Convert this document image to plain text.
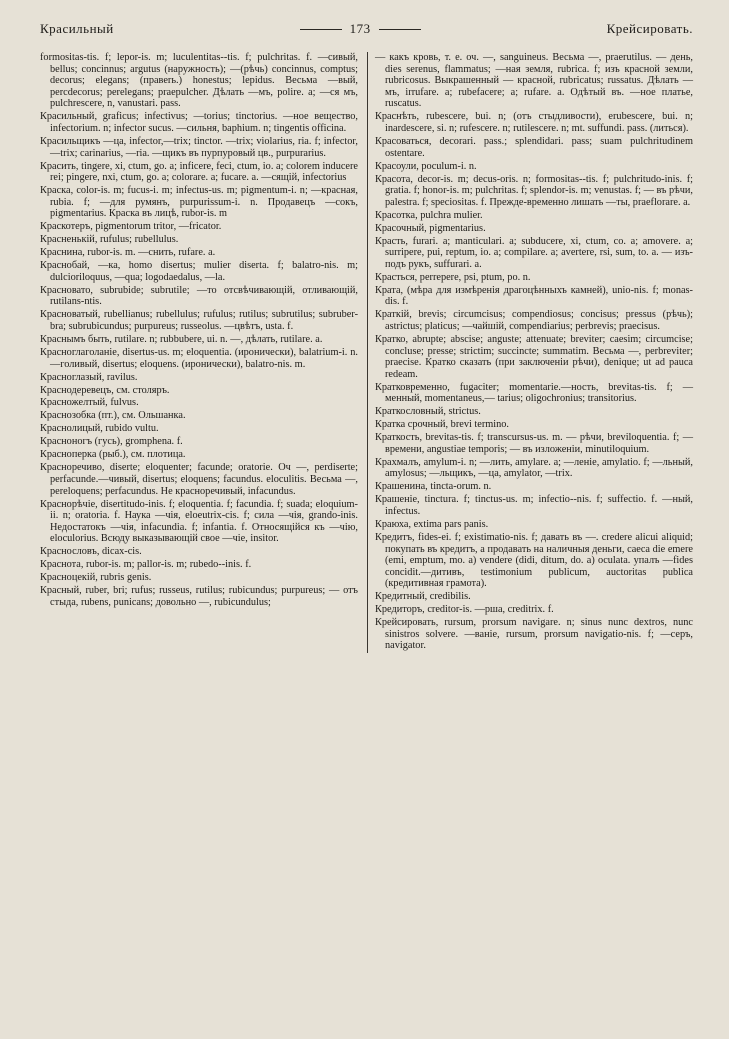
Красильный	173	Крейсировать.

formositas-tis. f; lepor-is. m; luculentitas--tis. f; pulchritas. f. —сивый, bellus; concinnus; argutus (наружность); —(рѣчь) concinnus, comptus; decorus; elegans; (правеrь.) honestus; lepidus. Весьма —вый, percdecorus; perelegans; praepulcher. Дѣлать —мъ, polire. a; —ся мъ, pulchrescere, n, vanustari. pass.

Красильный, graficus; infectivus; —torius; tinctorius. —ное вещество, infectorium. n; infector sucus. —сильня, baphium. n; tingentis officina.

Красильщикъ —ца, infector,—trix; tinctor. —trix; violarius, ria. f; infector, —trix; carinarius, —ria. —щикъ въ пурпуровый цв., purpurarius.

Красить, tingere, xi, ctum, go. a; inficere, feci, ctum, io. a; colorem inducere rei; pingere, nxi, ctum, go. a; colorare. a; fucare. a. —сящій, infectorius

Краска, color-is. m; fucus-i. m; infectus-us. m; pigmentum-i. n; —красная, rubia. f; —для румянъ, purpurissum-i. n. Продавецъ —сокъ, pigmentarius. Краска въ лицѣ, rubor-is. m

Краскотеръ, pigmentorum tritor, —fricator.

Красненькій, rufulus; rubellulus.

Краснина, rubor-is. m. —снить, rufare. a.

Краснобай, —ка, homo disertus; mulier diserta. f; balatro-nis. m; dulcioriloquus, —qua; logodaedalus, —la.

Красновато, subrubide; subrutile; —то отсвѣчивающій, отливающій, rutilans-ntis.

Красноватый, rubellianus; rubellulus; rufulus; rutilus; subrutilus; subruber-bra; subrubicundus; purpureus; russeolus. —цвѣтъ, usta. f.

Краснымъ быть, rutilare. n; rubbubere, ui. n. —, дѣлать, rutilare. a.

Красноглаголаніе, disertus-us. m; eloquentia. (иронически), balatrium-i. n. —голивый, disertus; eloquens. (иронически), balatro-nis. m.

Красноглазый, ravilus.

Краснодеревецъ, см. столяръ.

Красножелтый, fulvus.

Краснозобка (пт.), см. Ольшанка.

Краснолицый, rubido vultu.

Красноногъ (гусь), gromphena. f.

Красноперка (рыб.), см. плотица.

Красноречиво, diserte; eloquenter; facunde; oratorie. Оч —, perdiserte; perfacunde.—чивый, disertus; eloquens; facundus. eloculitis. Весьма —, pereloquens; perfacundus. Не красноречивый, infacundus.

Краснорѣчіе, disertitudo-inis. f; eloquentia. f; facundia. f; suada; eloquium-ii. n; oratoria. f. Наука —чія, eloeutrix-cis. f; сила —чія, grando-inis. Недостатокъ —чія, infacundia. f; infantia. f. Относящійся къ —чію, eloculorius. Всюду выказывающій свое —чіе, insitor.

Краснословъ, dicax-cis.

Краснота, rubor-is. m; pallor-is. m; rubedo--inis. f.

Красноцекій, rubris genis.

Красный, ruber, bri; rufus; russeus, rutilus; rubicundus; purpureus; — отъ стыда, rubens, punicans; довольно —, rubicundulus;

— какъ кровь, т. е. оч. —, sanguineus. Весьма —, praerutilus. — день, dies serenus, flammatus; —ная земля, rubrica. f; изъ красной земли, rubricosus. Выкрашенный — красной, rubricatus; russatus. Дѣлать —мъ, irrufare. a; rubefacere; a; rufare. a. Одѣтый въ. —ное платье, ruscatus.

Краснѣть, rubescere, bui. n; (отъ стыдливости), erubescere, bui. n; inardescere, si. n; rufescere. n; rutilescere. n; mt. suffundi. pass. (литься).

Красоваться, decorari. pass.; splendidari. pass; suam pulchritudinem ostentare.

Красоули, poculum-i. n.

Красота, decor-is. m; decus-oris. n; formositas--tis. f; pulchritudo-inis. f; gratia. f; honor-is. m; pulchritas. f; splendor-is. m; venustas. f; — въ рѣчи, palestra. f; speciositas. f. Прежде-временно лишать —ты, praeflorare. a.

Красотка, pulchra mulier.

Красочный, pigmentarius.

Красть, furari. a; manticulari. a; subducere, xi, ctum, co. a; amovere. a; surripere, pui, reptum, io. a; compilare. a; avertere, rsi, sum, to. a. — изъ-подъ рукъ, suffurari. a.

Красться, perrepere, psi, ptum, po. n.

Крата, (мѣра для измѣренія драгоцѣнныхъ камней), unio-nis. f; monas-dis. f.

Краткій, brevis; circumcisus; compendiosus; concisus; pressus (рѣчь); astrictus; platicus; —чайшій, compendiarius; perbrevis; praecisus.

Кратко, abrupte; abscise; anguste; attenuate; breviter; caesim; circumcise; concluse; presse; strictim; succincte; summatim. Весьма —, perbreviter; praecise. Кратко сказать (при заключеніи рѣчи), denique; ut ad pauca redeam.

Кратковременно, fugaciter; momentarie.—ность, brevitas-tis. f; —менный, momentaneus,— tarius; oligochronius; transitorius.

Краткословный, strictus.

Кратка срочный, brevi termino.

Краткость, brevitas-tis. f; transcursus-us. m. — рѣчи, breviloquentia. f; — времени, angustiae temporis; — въ изложеніи, minutiloquium.

Крахмалъ, amylum-i. n; —лить, amylare. a; —леніе, amylatio. f; —льный, amylosus; —льщикъ, —ца, amylator, —trix.

Крашенина, tincta-orum. n.

Крашеніе, tinctura. f; tinctus-us. m; infectio--nis. f; suffectio. f. —ный, infectus.

Краюха, extima pars panis.

Кредитъ, fides-ei. f; existimatio-nis. f; давать въ —. credere alicui aliquid; покупать въ кредитъ, а продавать на наличныя деньги, caeca die emere (emi, emptum, mo. a) vendere (didi, ditum, do. a) oculata. упалъ —fides concidit.—дитивъ, testimonium publicum, auctoritas publica (кредитивная грамота).

Кредитный, credibilis.

Кредиторъ, creditor-is. —рша, creditrix. f.

Крейсировать, rursum, prorsum navigare. n; sinus nunc dextros, nunc sinistros solvere. —ваніе, rursum, prorsum navigatio-nis. f; —серъ, navigator.
